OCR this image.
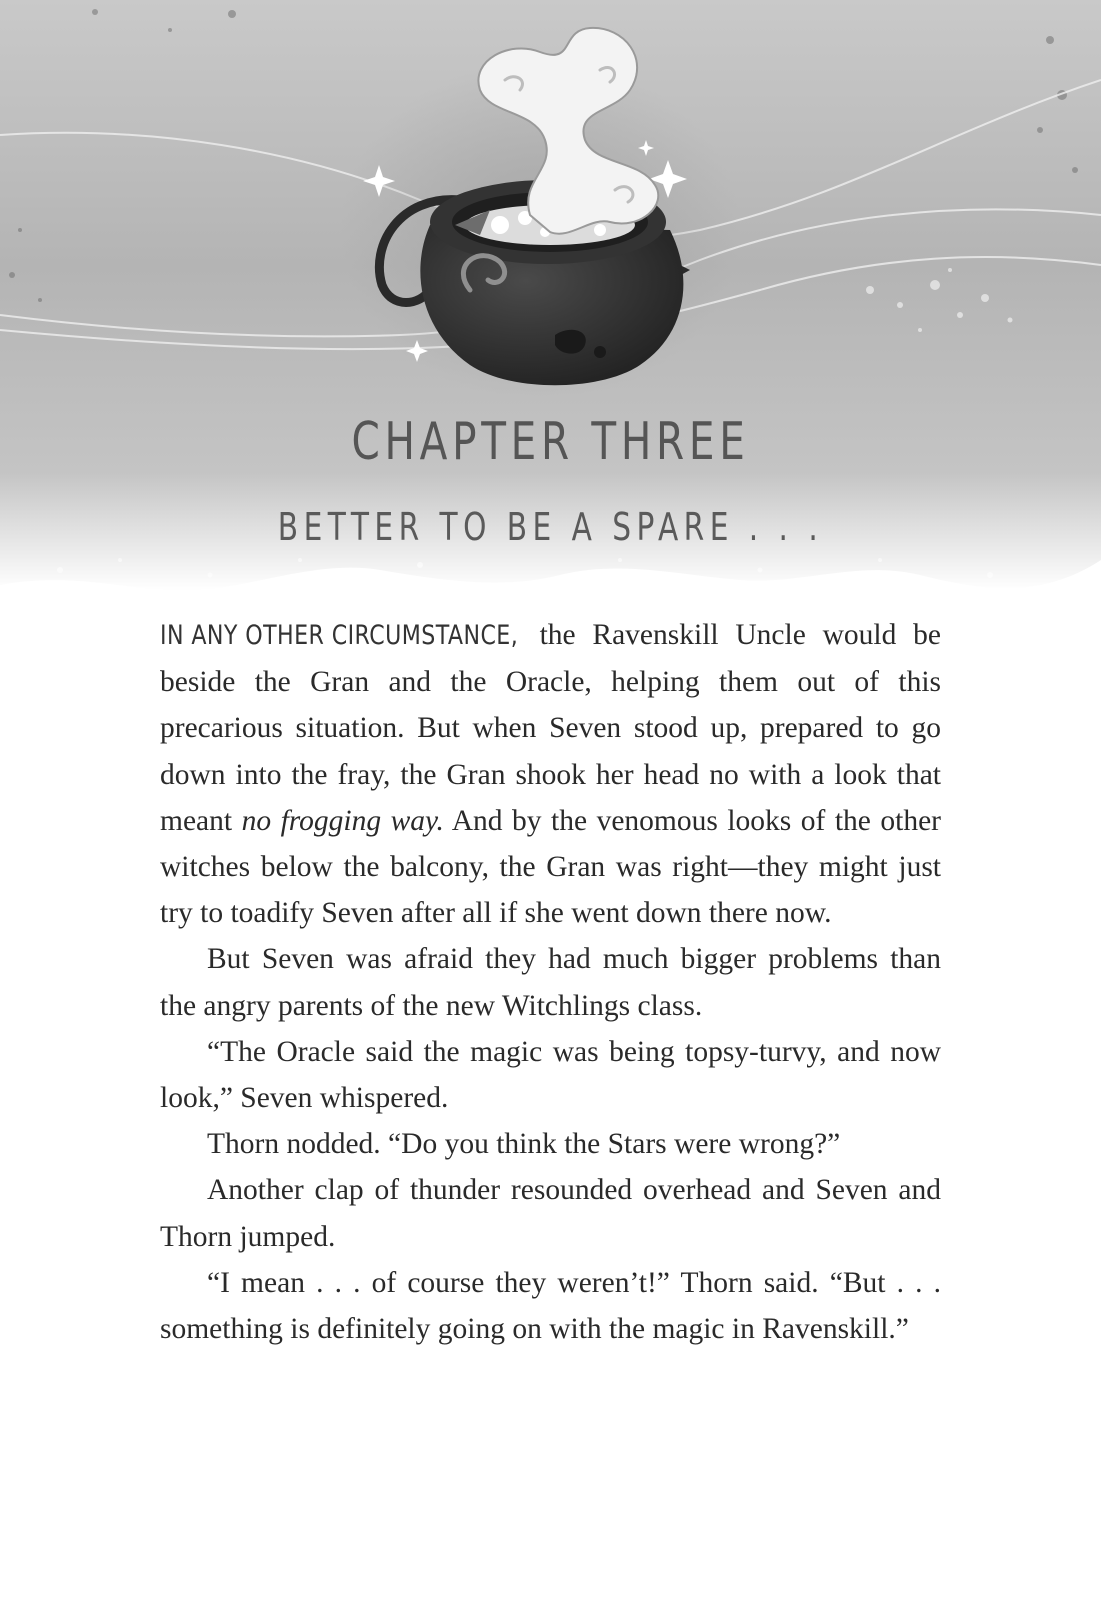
CHAPTER THREE
BETTER TO BE A SPARE . . .

IN ANY OTHER CIRCUMSTANCE, the Ravenskill Uncle would be beside the Gran and the Oracle, helping them out of this precarious situation. But when Seven stood up, prepared to go down into the fray, the Gran shook her head no with a look that meant no frogging way. And by the venomous looks of the other witches below the balcony, the Gran was right—they might just try to toadify Seven after all if she went down there now.

But Seven was afraid they had much bigger problems than the angry parents of the new Witchlings class.

“The Oracle said the magic was being topsy-turvy, and now look,” Seven whispered.

Thorn nodded. “Do you think the Stars were wrong?”

Another clap of thunder resounded overhead and Seven and Thorn jumped.

“I mean . . . of course they weren’t!” Thorn said. “But . . . something is definitely going on with the magic in Ravenskill.”
